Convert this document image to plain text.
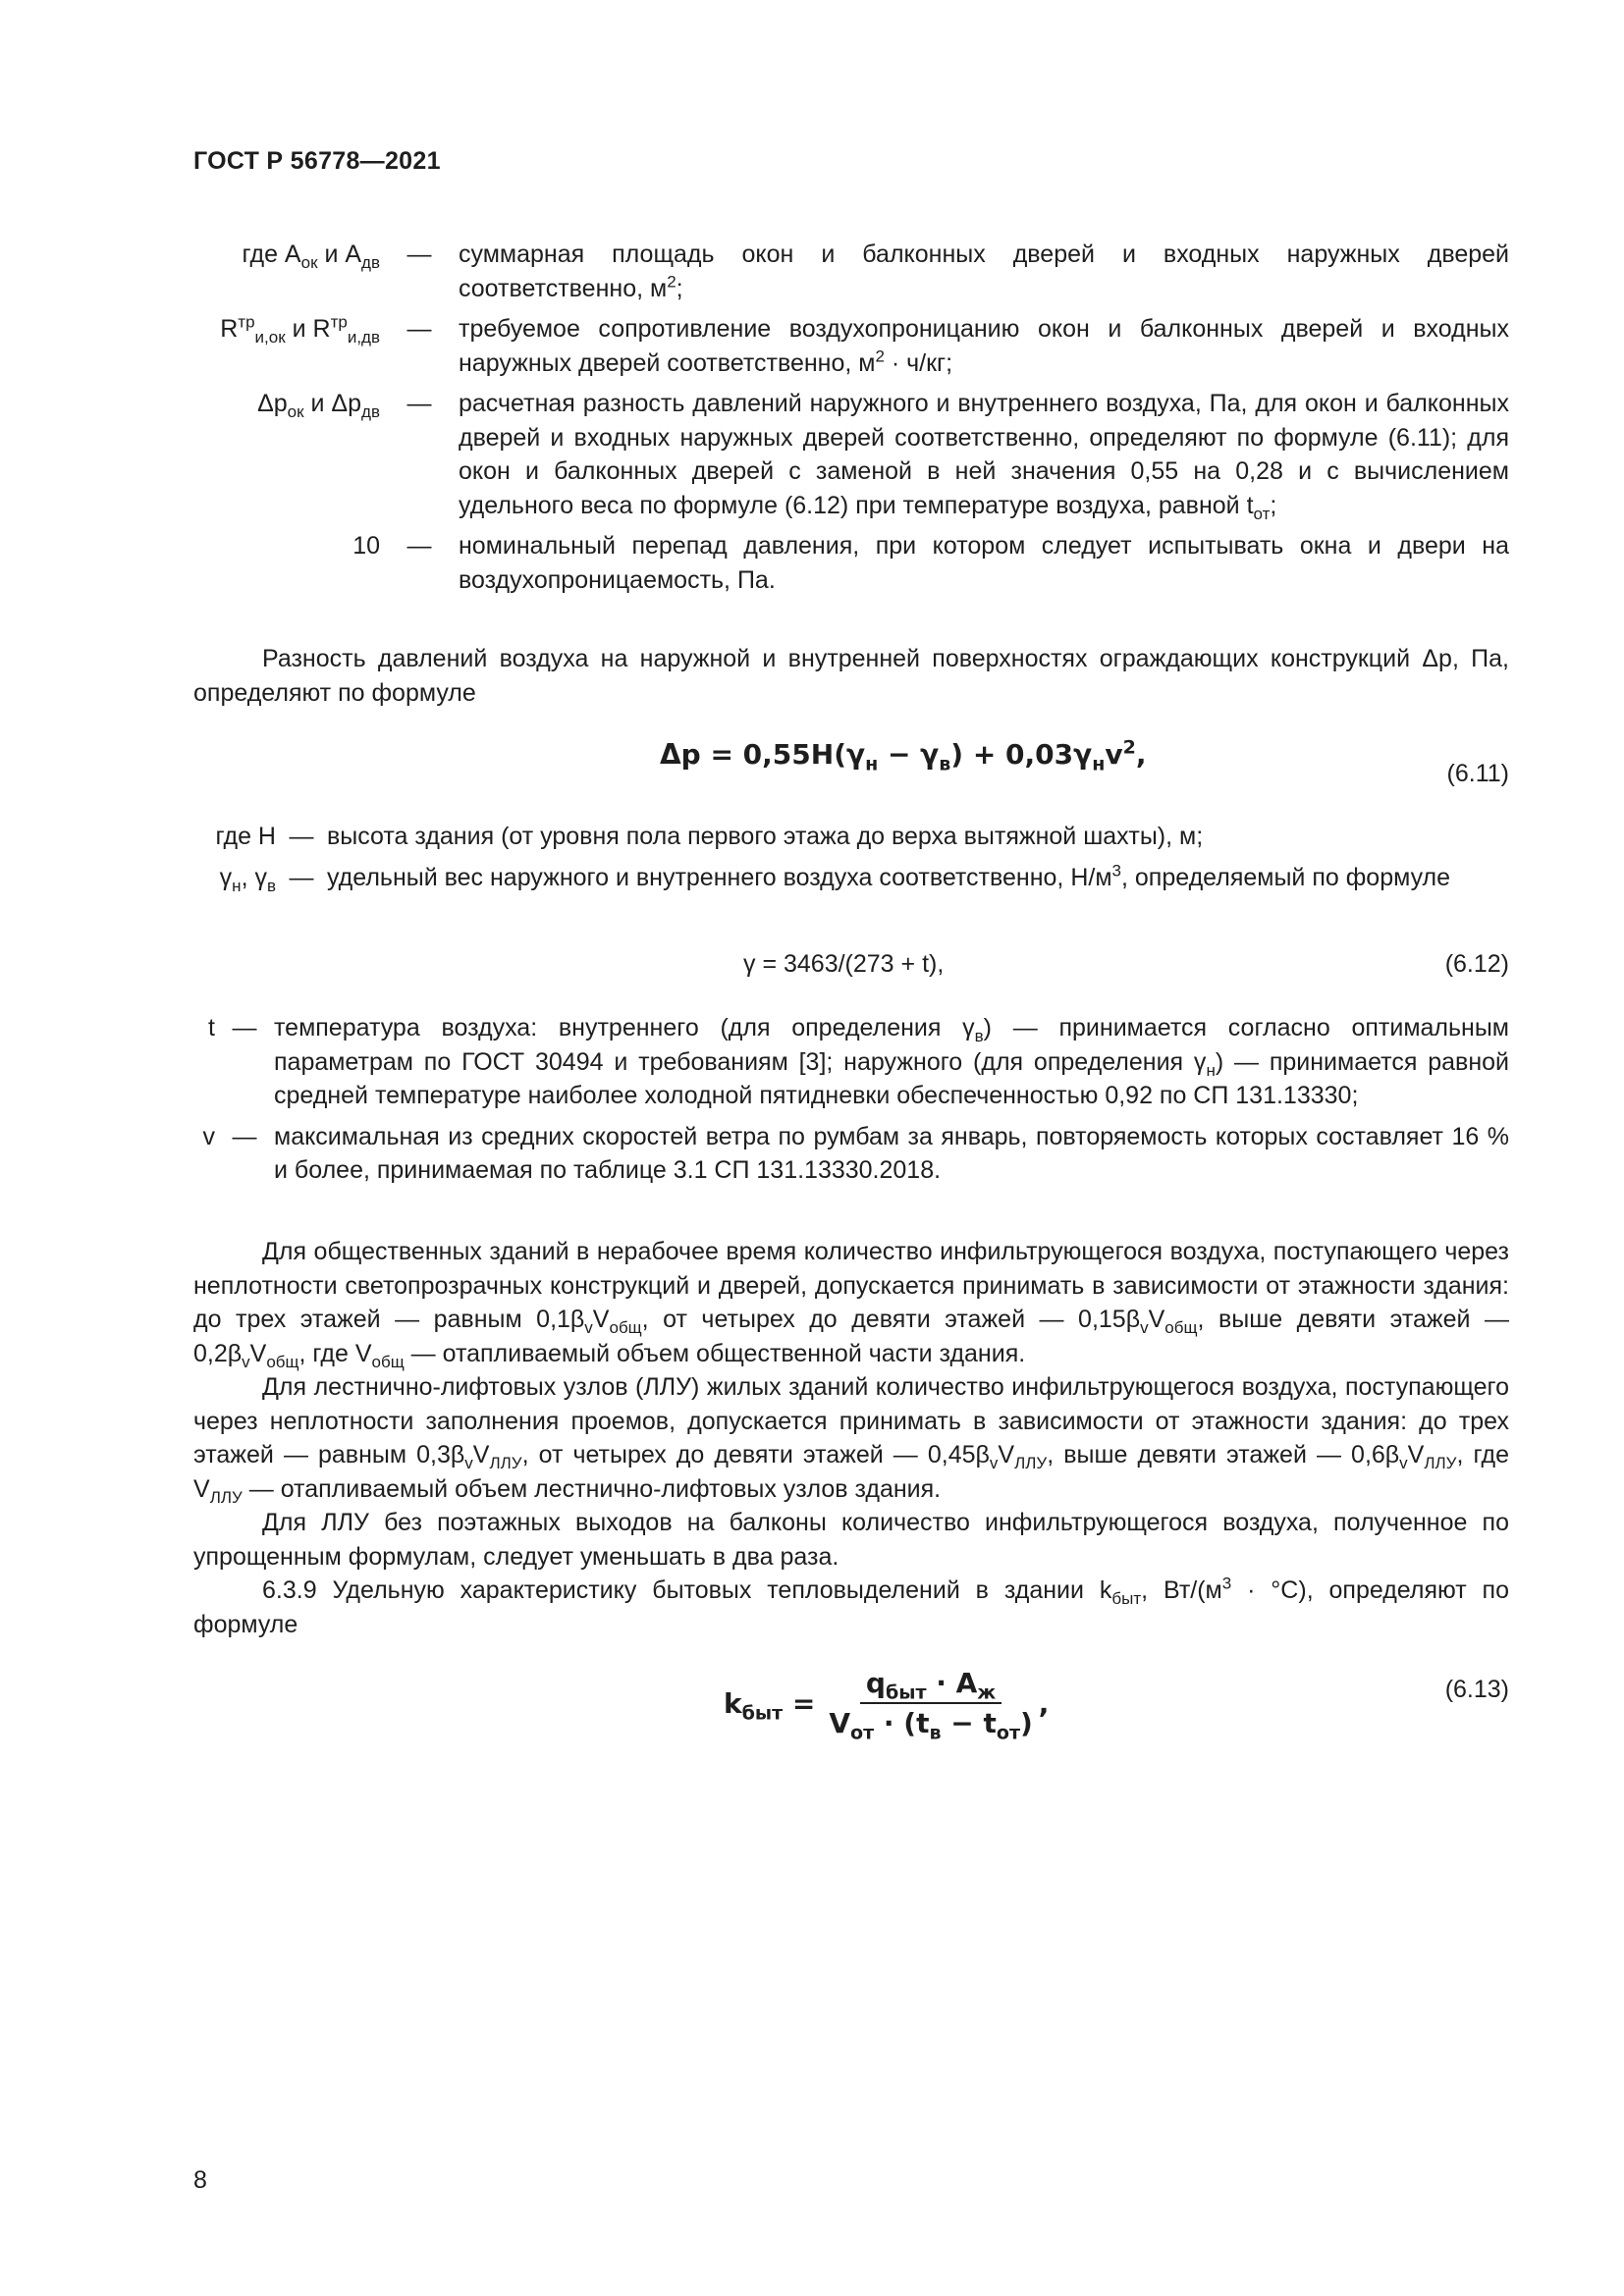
ГОСТ Р 56778—2021
где $A_{ок}$ и $A_{дв}$	—	суммарная площадь окон и балконных дверей и входных наружных дверей соответственно, $м^2$;
$R^{тр}_{и,ок}$ и $R^{тр}_{и,дв}$	—	требуемое сопротивление воздухопроницанию окон и балконных дверей и входных наружных дверей соответственно, $м^2 \cdot ч/кг$;
$\Delta p_{ок}$ и $\Delta p_{дв}$	—	расчетная разность давлений наружного и внутреннего воздуха, Па, для окон и балконных дверей и входных наружных дверей соответственно, определяют по формуле (6.11); для окон и балконных дверей с заменой в ней значения 0,55 на 0,28 и с вычислением удельного веса по формуле (6.12) при температуре воздуха, равной $t_{от}$;
10	—	номинальный перепад давления, при котором следует испытывать окна и двери на воздухопроницаемость, Па.
Разность давлений воздуха на наружной и внутренней поверхностях ограждающих конструкций Δp, Па, определяют по формуле
$\Delta p = 0,55H(\gamma_н - \gamma_в) + 0,03\gamma_нv^2$,
(6.11)
где H — высота здания (от уровня пола первого этажа до верха вытяжной шахты), м;
$\gamma_н$, $\gamma_в$ — удельный вес наружного и внутреннего воздуха соответственно, $Н/м^3$, определяемый по формуле
γ = 3463/(273 + t),	(6.12)
t — температура воздуха: внутреннего (для определения $\gamma_в$) — принимается согласно оптимальным параметрам по ГОСТ 30494 и требованиям [3]; наружного (для определения $\gamma_н$) — принимается равной средней температуре наиболее холодной пятидневки обеспеченностью 0,92 по СП 131.13330;
v — максимальная из средних скоростей ветра по румбам за январь, повторяемость которых составляет 16 % и более, принимаемая по таблице 3.1 СП 131.13330.2018.
Для общественных зданий в нерабочее время количество инфильтрующегося воздуха, поступающего через неплотности светопрозрачных конструкций и дверей, допускается принимать в зависимости от этажности здания: до трех этажей — равным $0,1\beta_vV_{общ}$, от четырех до девяти этажей — $0,15\beta_vV_{общ}$, выше девяти этажей — $0,2\beta_vV_{общ}$, где $V_{общ}$ — отапливаемый объем общественной части здания.
Для лестнично-лифтовых узлов (ЛЛУ) жилых зданий количество инфильтрующегося воздуха, поступающего через неплотности заполнения проемов, допускается принимать в зависимости от этажности здания: до трех этажей — равным $0,3\beta_vV_{ЛЛУ}$, от четырех до девяти этажей — $0,45\beta_vV_{ЛЛУ}$, выше девяти этажей — $0,6\beta_vV_{ЛЛУ}$, где $V_{ЛЛУ}$ — отапливаемый объем лестнично-лифтовых узлов здания.
Для ЛЛУ без поэтажных выходов на балконы количество инфильтрующегося воздуха, полученное по упрощенным формулам, следует уменьшать в два раза.
6.3.9 Удельную характеристику бытовых тепловыделений в здании $k_{быт}$, $Вт/(м^3 \cdot ^\circ С)$, определяют по формуле
$k_{быт} = \frac{q_{быт} \cdot A_ж}{V_{от} \cdot (t_в - t_{от})}$ ,	(6.13)
8
